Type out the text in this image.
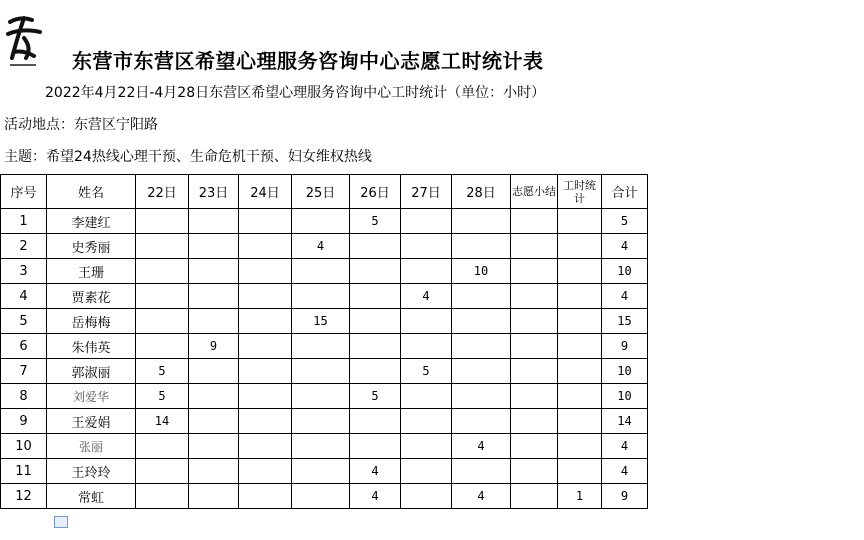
东营市东营区希望心理服务咨询中心志愿工时统计表
2022年4月22日-4月28日东营区希望心理服务咨询中心工时统计（单位：小时）
活动地点：东营区宁阳路
主题：希望24热线心理干预、生命危机干预、妇女维权热线
序号	姓名	22日	23日	24日	25日	26日	27日	28日	志愿小结	工时统计	合计
1	李建红					5					5
2	史秀丽				4						4
3	王珊							10			10
4	贾素花						4				4
5	岳梅梅				15						15
6	朱伟英		9								9
7	郭淑丽	5					5				10
8	刘爱华	5				5					10
9	王爱娟	14									14
10	张丽							4			4
11	王玲玲					4					4
12	常虹					4		4		1	9
